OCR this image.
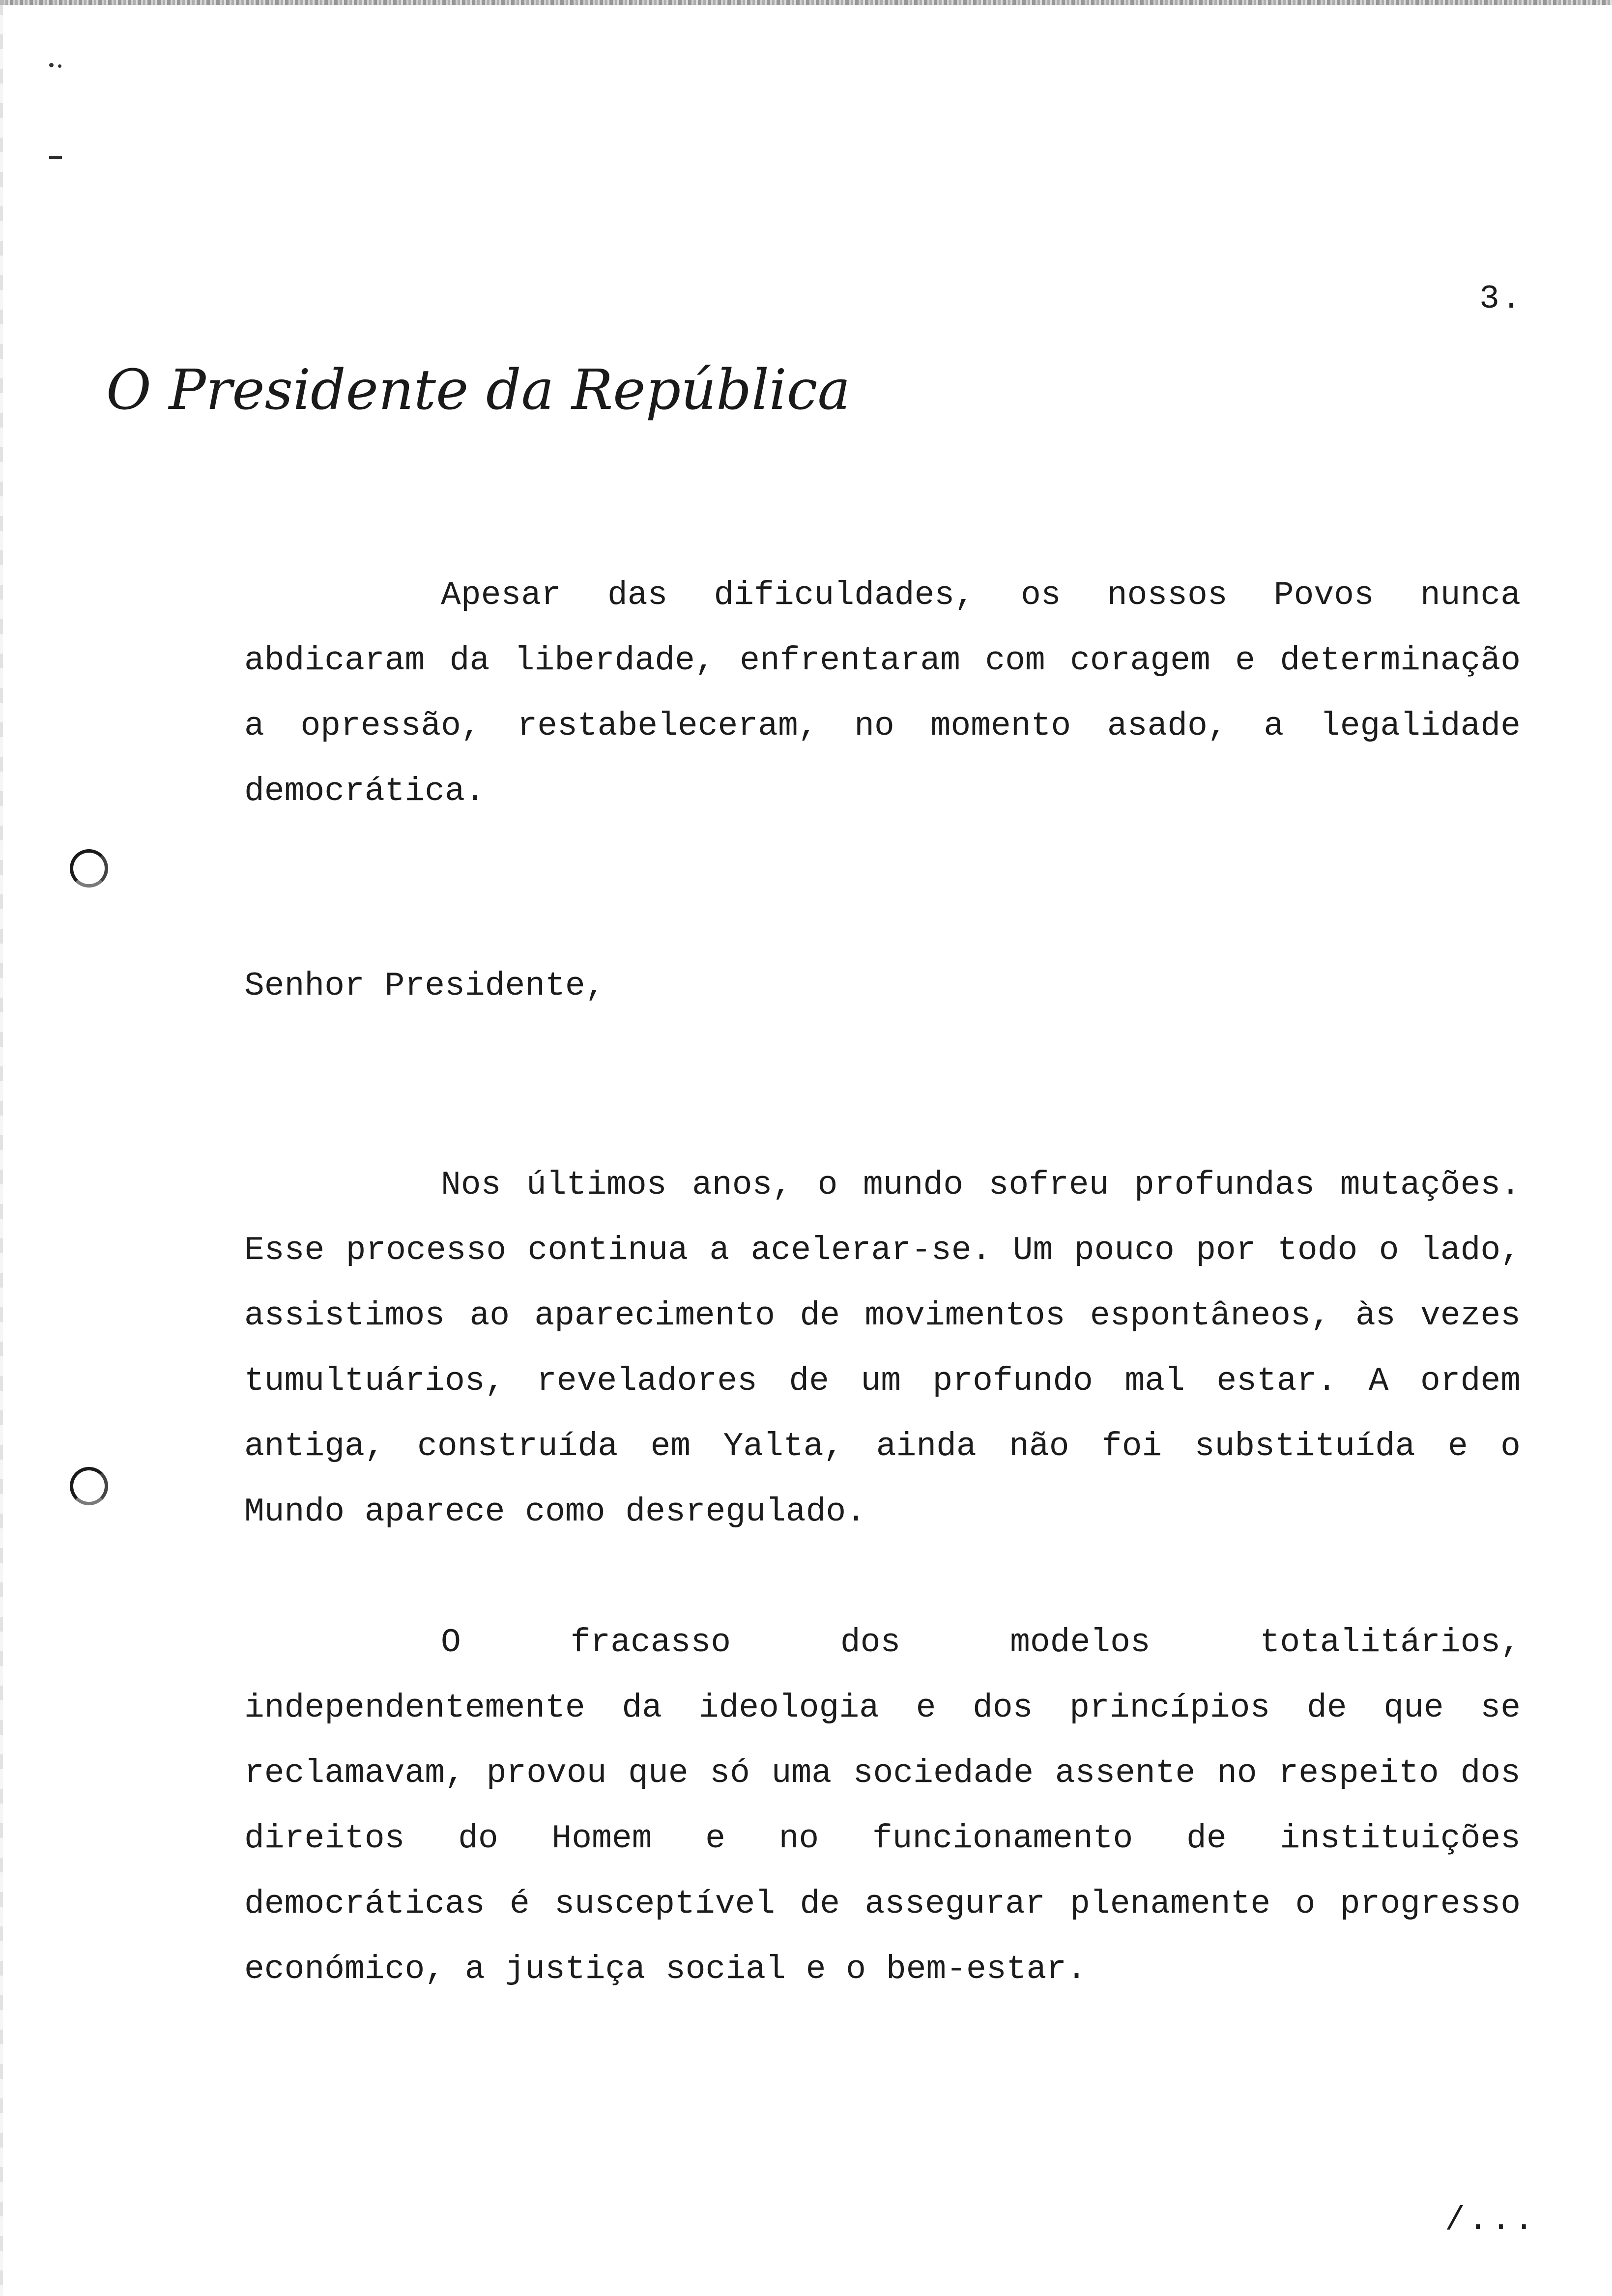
3.
O Presidente da República

Apesar das dificuldades, os nossos Povos nunca abdicaram da liberdade, enfrentaram com coragem e determinação a opressão, restabeleceram, no momento asado, a legalidade democrática.

Senhor Presidente,

Nos últimos anos, o mundo sofreu profundas mutações. Esse processo continua a acelerar-se. Um pouco por todo o lado, assistimos ao aparecimento de movimentos espontâneos, às vezes tumultuários, reveladores de um profundo mal estar. A ordem antiga, construída em Yalta, ainda não foi substituída e o Mundo aparece como desregulado.

O fracasso dos modelos totalitários, independentemente da ideologia e dos princípios de que se reclamavam, provou que só uma sociedade assente no respeito dos direitos do Homem e no funcionamento de instituições democráticas é susceptível de assegurar plenamente o progresso económico, a justiça social e o bem-estar.

/...
